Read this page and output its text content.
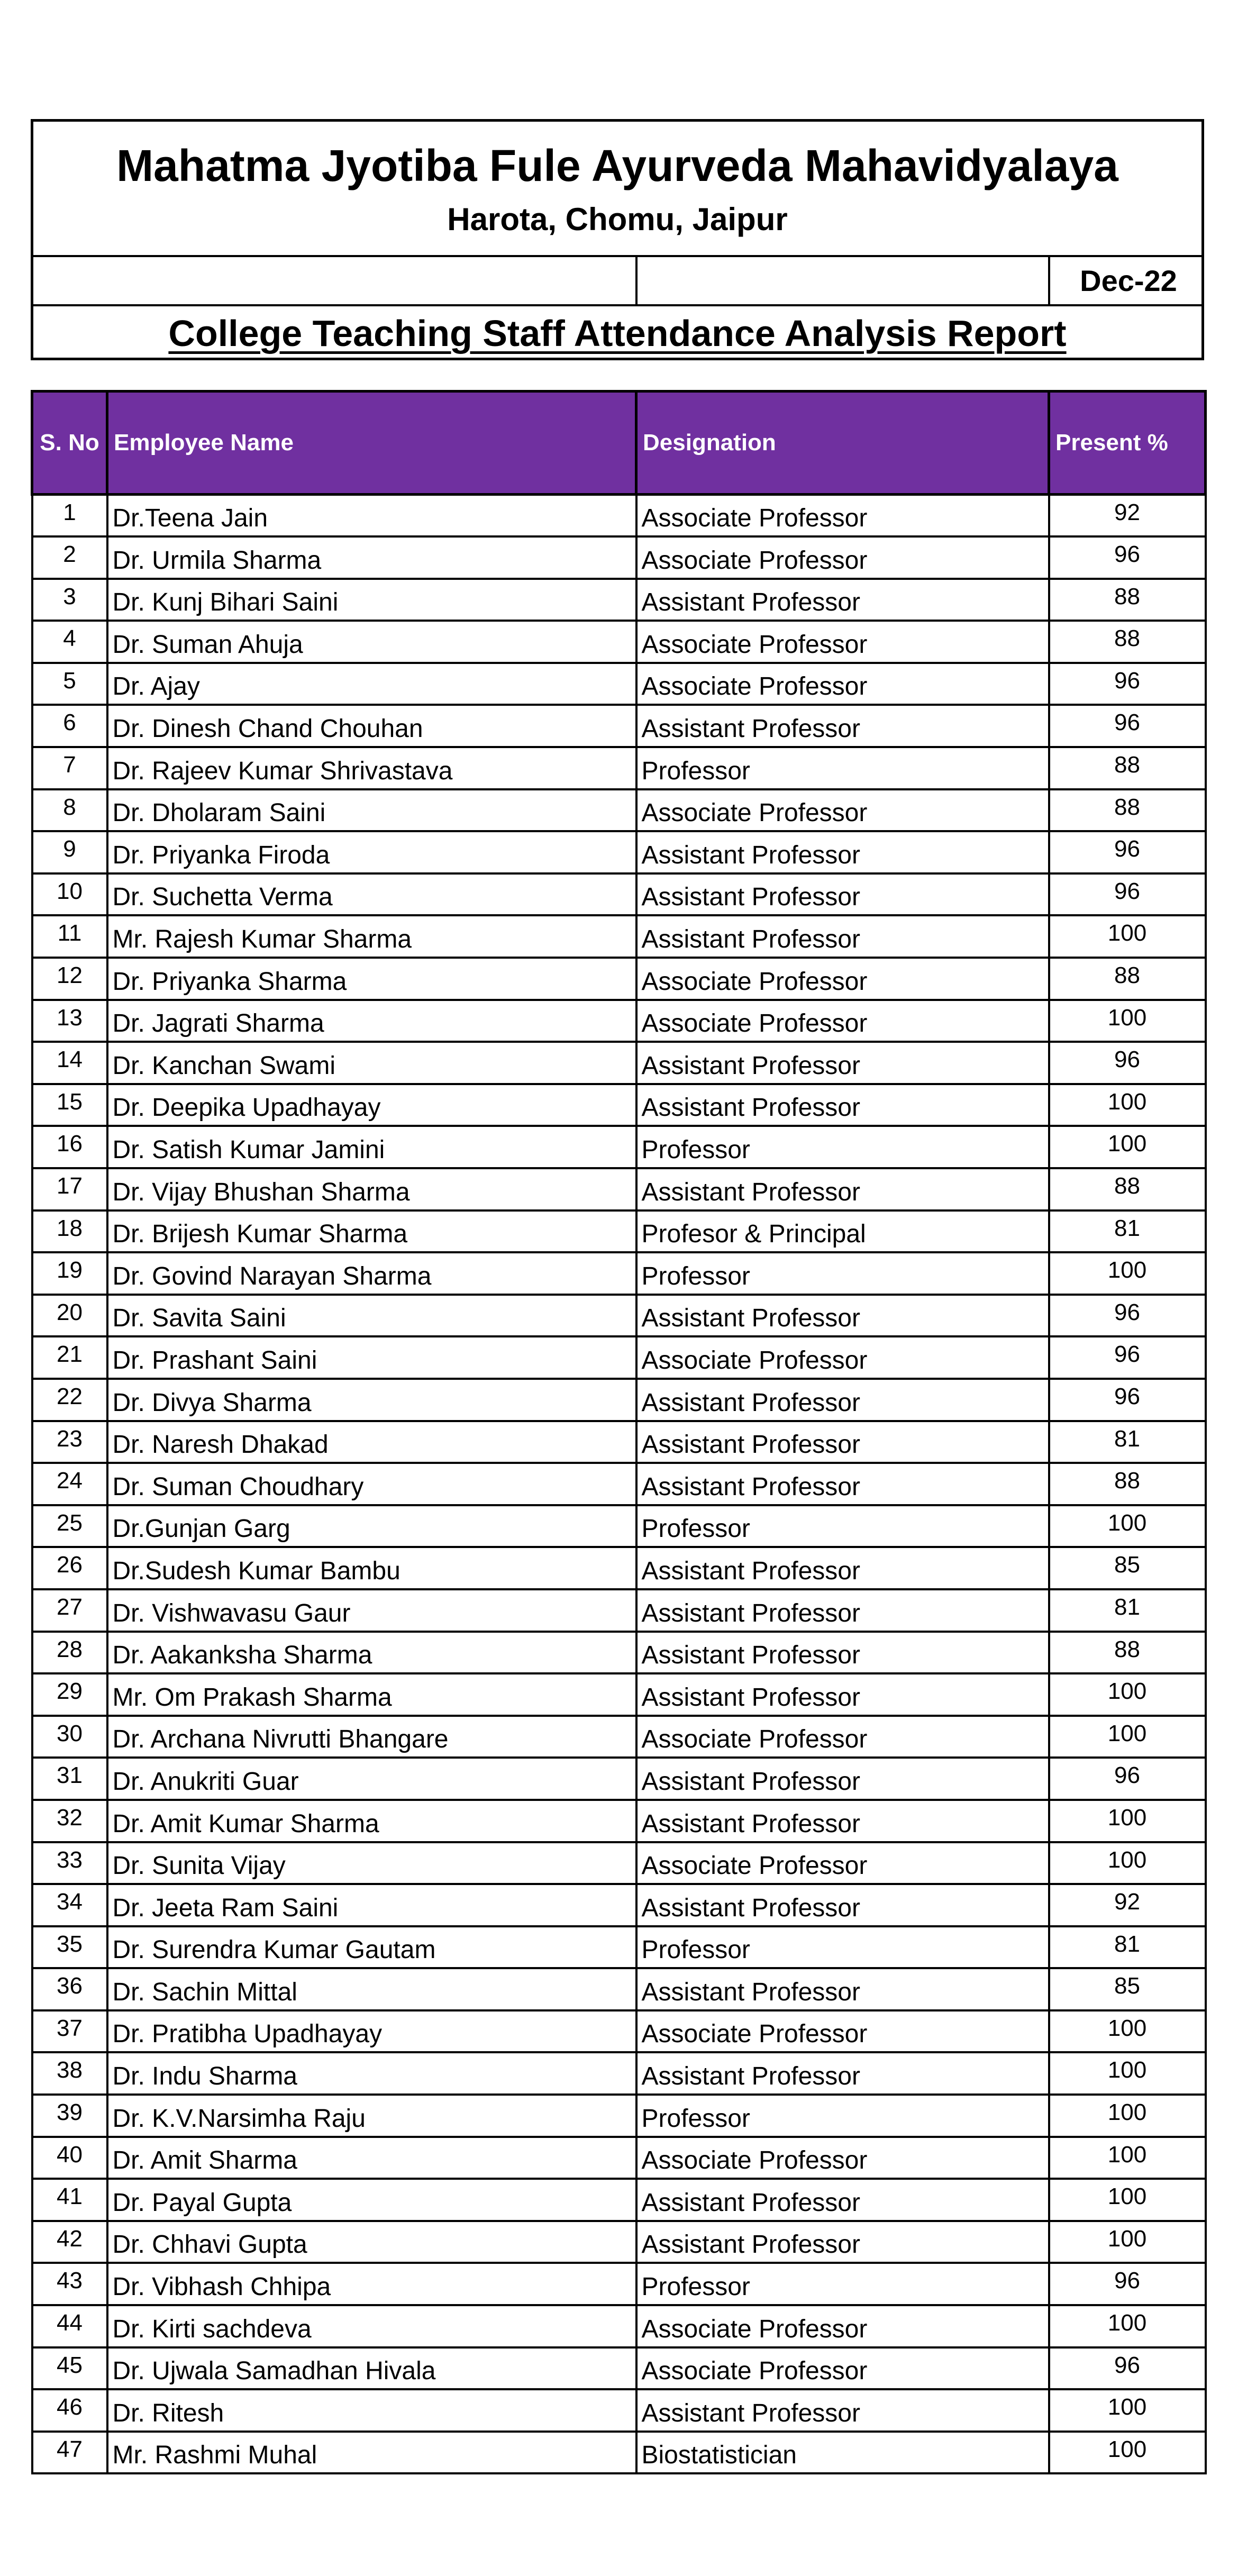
Mahatma Jyotiba Fule Ayurveda Mahavidyalaya
Harota, Chomu, Jaipur
Dec-22
College Teaching Staff Attendance Analysis Report
S. No	Employee Name	Designation	Present %
1	Dr.Teena Jain	Associate Professor	92
2	Dr. Urmila Sharma	Associate Professor	96
3	Dr. Kunj Bihari Saini	Assistant Professor	88
4	Dr. Suman Ahuja	Associate Professor	88
5	Dr. Ajay	Associate Professor	96
6	Dr. Dinesh Chand Chouhan	Assistant Professor	96
7	Dr. Rajeev Kumar Shrivastava	Professor	88
8	Dr. Dholaram Saini	Associate Professor	88
9	Dr. Priyanka Firoda	Assistant Professor	96
10	Dr. Suchetta Verma	Assistant Professor	96
11	Mr. Rajesh Kumar Sharma	Assistant Professor	100
12	Dr. Priyanka Sharma	Associate Professor	88
13	Dr. Jagrati Sharma	Associate Professor	100
14	Dr. Kanchan Swami	Assistant Professor	96
15	Dr. Deepika Upadhayay	Assistant Professor	100
16	Dr. Satish Kumar Jamini	Professor	100
17	Dr. Vijay Bhushan Sharma	Assistant Professor	88
18	Dr. Brijesh Kumar Sharma	Profesor & Principal	81
19	Dr. Govind Narayan Sharma	Professor	100
20	Dr. Savita Saini	Assistant Professor	96
21	Dr. Prashant Saini	Associate Professor	96
22	Dr. Divya Sharma	Assistant Professor	96
23	Dr. Naresh Dhakad	Assistant Professor	81
24	Dr. Suman Choudhary	Assistant Professor	88
25	Dr.Gunjan Garg	Professor	100
26	Dr.Sudesh Kumar Bambu	Assistant Professor	85
27	Dr. Vishwavasu Gaur	Assistant Professor	81
28	Dr. Aakanksha Sharma	Assistant Professor	88
29	Mr. Om Prakash Sharma	Assistant Professor	100
30	Dr. Archana Nivrutti Bhangare	Associate Professor	100
31	Dr. Anukriti Guar	Assistant Professor	96
32	Dr. Amit Kumar Sharma	Assistant Professor	100
33	Dr. Sunita Vijay	Associate Professor	100
34	Dr. Jeeta Ram Saini	Assistant Professor	92
35	Dr. Surendra Kumar Gautam	Professor	81
36	Dr. Sachin Mittal	Assistant Professor	85
37	Dr. Pratibha Upadhayay	Associate Professor	100
38	Dr. Indu Sharma	Assistant Professor	100
39	Dr. K.V.Narsimha Raju	Professor	100
40	Dr. Amit Sharma	Associate Professor	100
41	Dr. Payal Gupta	Assistant Professor	100
42	Dr. Chhavi Gupta	Assistant Professor	100
43	Dr. Vibhash Chhipa	Professor	96
44	Dr. Kirti sachdeva	Associate Professor	100
45	Dr. Ujwala Samadhan Hivala	Associate Professor	96
46	Dr. Ritesh	Assistant Professor	100
47	Mr. Rashmi Muhal	Biostatistician	100
